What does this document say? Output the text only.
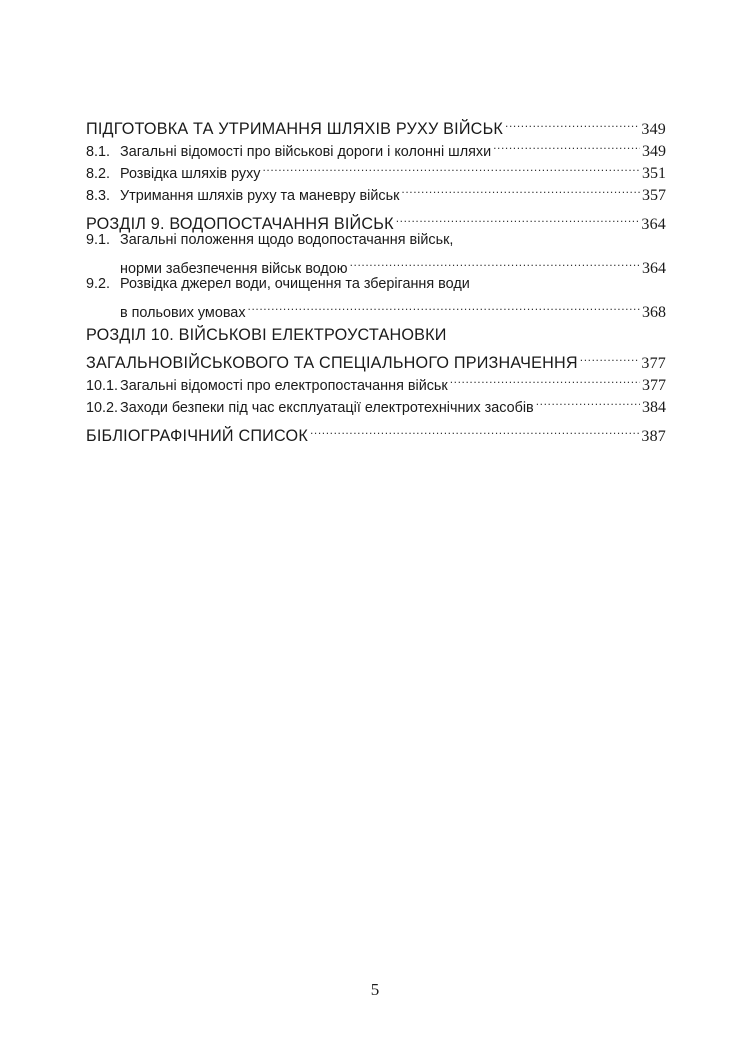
ПІДГОТОВКА ТА УТРИМАННЯ ШЛЯХІВ РУХУ ВІЙСЬК .....	349
8.1. Загальні відомості про військові дороги і колонні шляхи .....	349
8.2. Розвідка шляхів руху .....	351
8.3. Утримання шляхів руху та маневру військ .....	357
РОЗДІЛ 9. ВОДОПОСТАЧАННЯ ВІЙСЬК .....	364
9.1. Загальні положення щодо водопостачання військ,
норми забезпечення військ водою .....	364
9.2. Розвідка джерел води, очищення та зберігання води
в польових умовах .....	368
РОЗДІЛ 10. ВІЙСЬКОВІ ЕЛЕКТРОУСТАНОВКИ
ЗАГАЛЬНОВІЙСЬКОВОГО ТА СПЕЦІАЛЬНОГО ПРИЗНАЧЕННЯ .....	377
10.1. Загальні відомості про електропостачання військ .....	377
10.2. Заходи безпеки під час експлуатації електротехнічних засобів .....	384
БІБЛІОГРАФІЧНИЙ СПИСОК .....	387
5
